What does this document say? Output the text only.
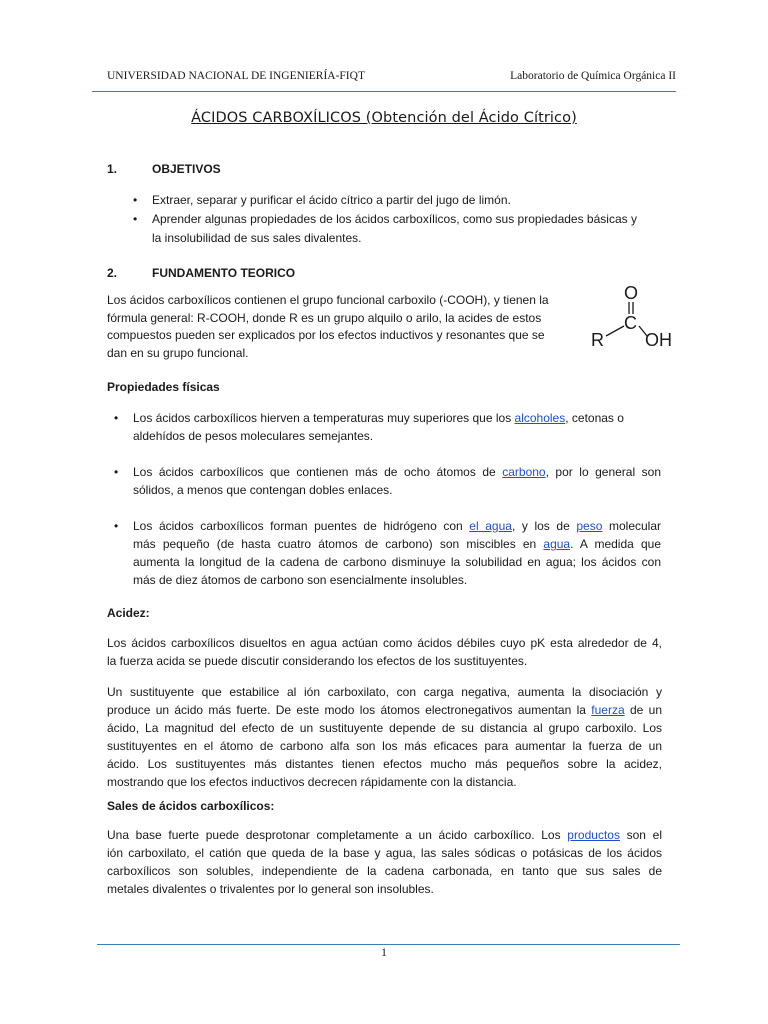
UNIVERSIDAD NACIONAL DE INGENIERÍA-FIQT	Laboratorio de Química Orgánica II
ÁCIDOS CARBOXÍLICOS (Obtención del Ácido Cítrico)
1.	OBJETIVOS
• Extraer, separar y purificar el ácido cítrico a partir del jugo de limón.
• Aprender algunas propiedades de los ácidos carboxílicos, como sus propiedades básicas y
la insolubilidad de sus sales divalentes.
2.	FUNDAMENTO TEORICO
Los ácidos carboxílicos contienen el grupo funcional carboxilo (-COOH), y tienen la
fórmula general: R-COOH, donde R es un grupo alquilo o arilo, la acides de estos
compuestos pueden ser explicados por los efectos inductivos y resonantes que se
dan en su grupo funcional.
O
C
R OH
Propiedades físicas
• Los ácidos carboxílicos hierven a temperaturas muy superiores que los alcoholes, cetonas o
aldehídos de pesos moleculares semejantes.
• Los ácidos carboxílicos que contienen más de ocho átomos de carbono, por lo general son
sólidos, a menos que contengan dobles enlaces.
• Los ácidos carboxílicos forman puentes de hidrógeno con el agua, y los de peso molecular
más pequeño (de hasta cuatro átomos de carbono) son miscibles en agua. A medida que
aumenta la longitud de la cadena de carbono disminuye la solubilidad en agua; los ácidos con
más de diez átomos de carbono son esencialmente insolubles.
Acidez:
Los ácidos carboxílicos disueltos en agua actúan como ácidos débiles cuyo pK esta alrededor de 4,
la fuerza acida se puede discutir considerando los efectos de los sustituyentes.
Un sustituyente que estabilice al ión carboxilato, con carga negativa, aumenta la disociación y
produce un ácido más fuerte. De este modo los átomos electronegativos aumentan la fuerza de un
ácido, La magnitud del efecto de un sustituyente depende de su distancia al grupo carboxilo. Los
sustituyentes en el átomo de carbono alfa son los más eficaces para aumentar la fuerza de un
ácido. Los sustituyentes más distantes tienen efectos mucho más pequeños sobre la acidez,
mostrando que los efectos inductivos decrecen rápidamente con la distancia.
Sales de ácidos carboxílicos:
Una base fuerte puede desprotonar completamente a un ácido carboxílico. Los productos son el
ión carboxilato, el catión que queda de la base y agua, las sales sódicas o potásicas de los ácidos
carboxílicos son solubles, independiente de la cadena carbonada, en tanto que sus sales de
metales divalentes o trivalentes por lo general son insolubles.
1
